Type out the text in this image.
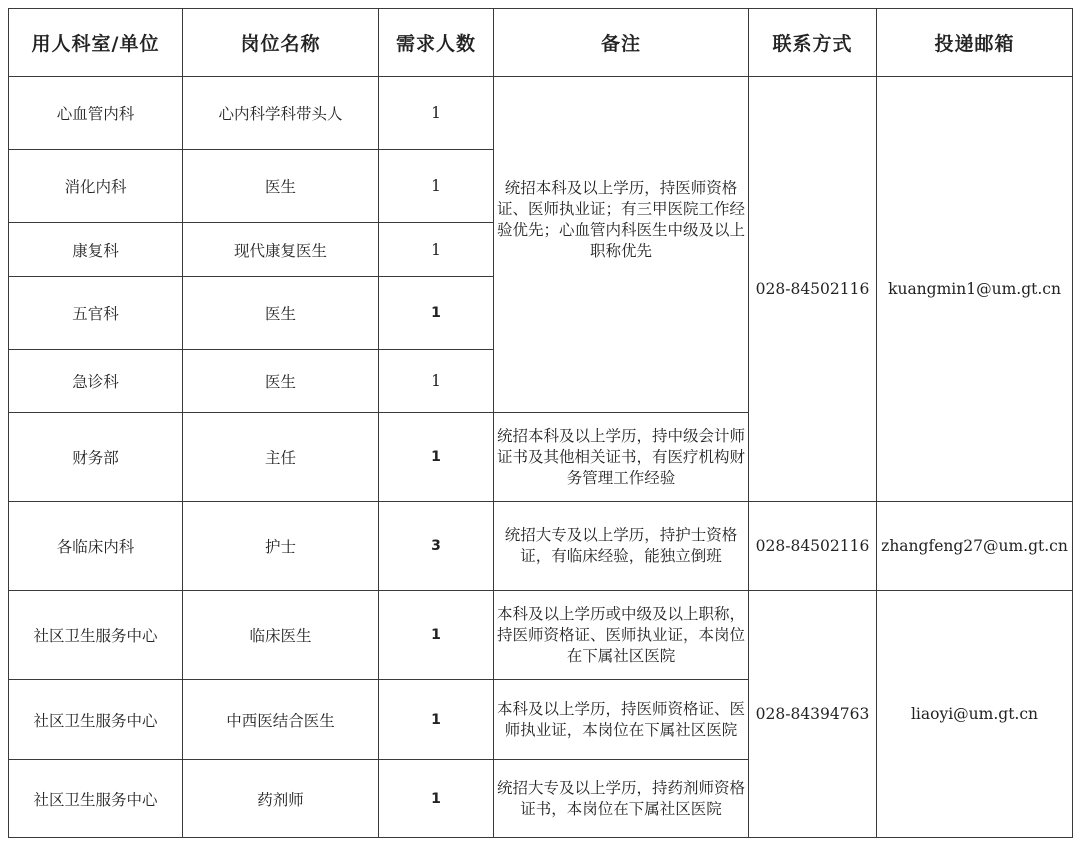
用人科室/单位	岗位名称	需求人数	备注	联系方式	投递邮箱
心血管内科	心内科学科带头人	1	统招本科及以上学历，持医师资格证、医师执业证；有三甲医院工作经验优先；心血管内科医生中级及以上职称优先	028-84502116	kuangmin1@um.gt.cn
消化内科	医生	1			
康复科	现代康复医生	1			
五官科	医生	1			
急诊科	医生	1			
财务部	主任	1	统招本科及以上学历，持中级会计师证书及其他相关证书，有医疗机构财务管理工作经验		
各临床内科	护士	3	统招大专及以上学历，持护士资格证，有临床经验，能独立倒班	028-84502116	zhangfeng27@um.gt.cn
社区卫生服务中心	临床医生	1	本科及以上学历或中级及以上职称，持医师资格证、医师执业证，本岗位在下属社区医院	028-84394763	liaoyi@um.gt.cn
社区卫生服务中心	中西医结合医生	1	本科及以上学历，持医师资格证、医师执业证，本岗位在下属社区医院		
社区卫生服务中心	药剂师	1	统招大专及以上学历，持药剂师资格证书，本岗位在下属社区医院		
